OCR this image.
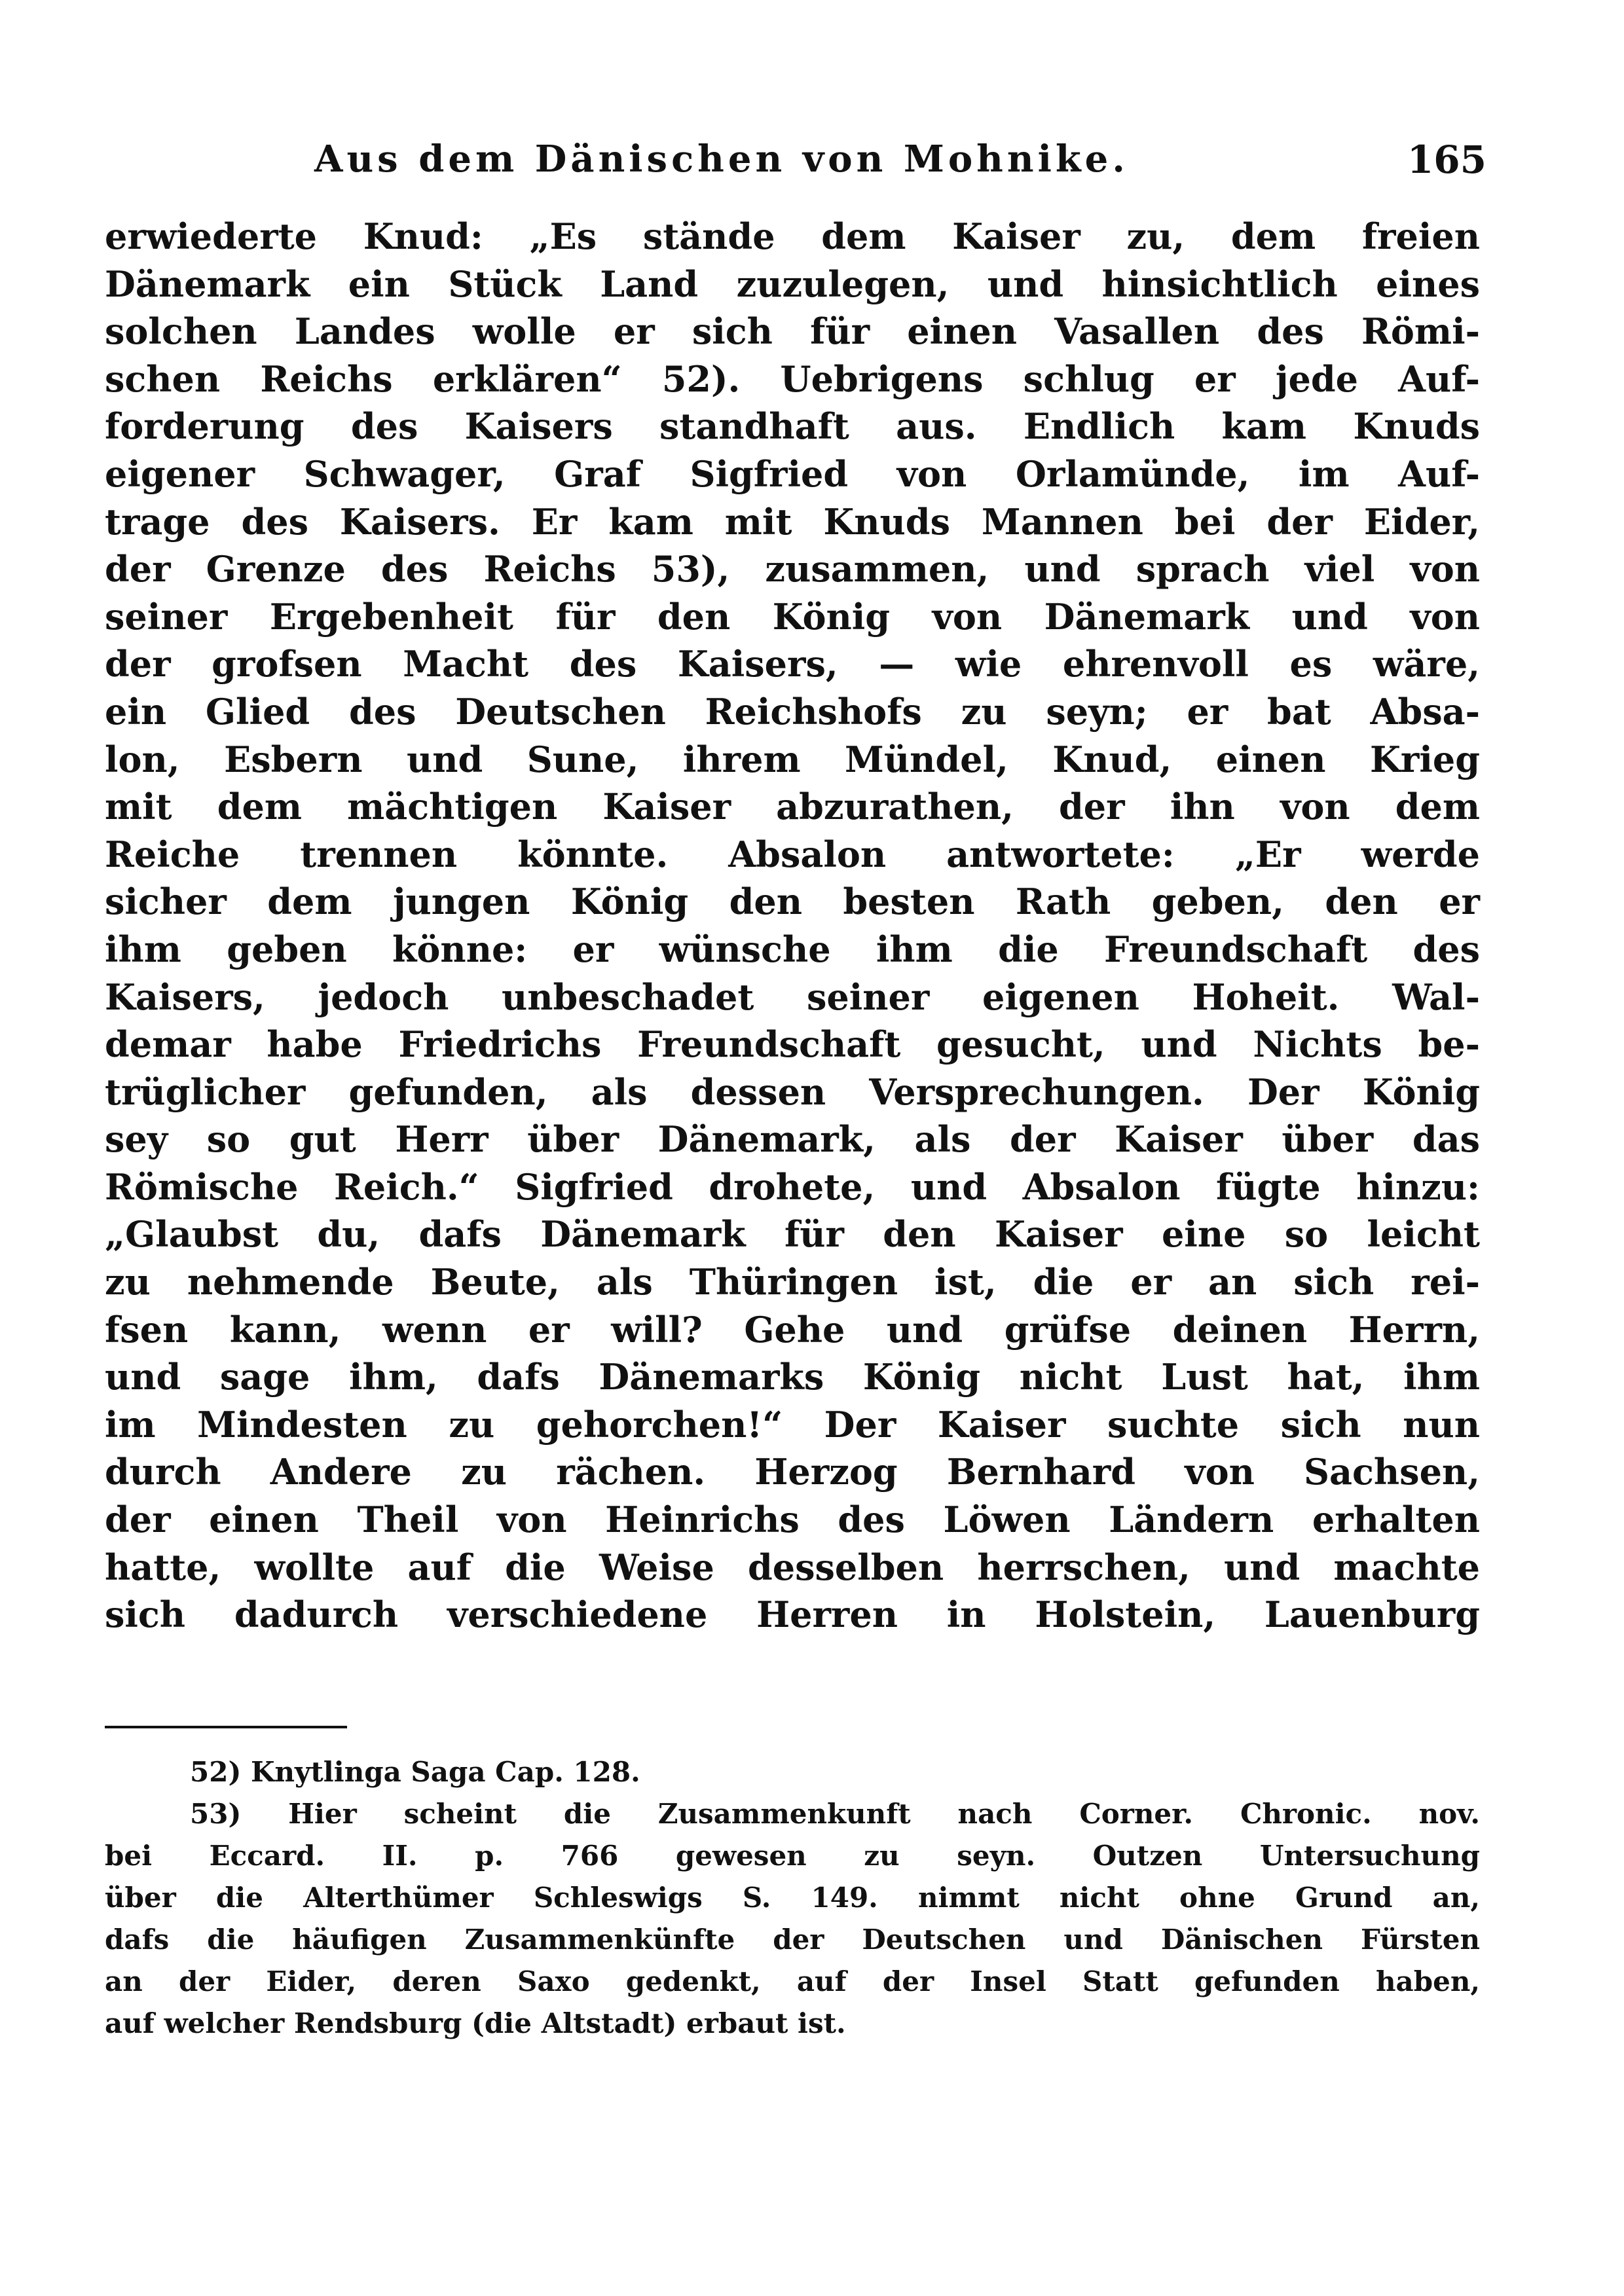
Aus dem Dänischen von Mohnike.	165
erwiederte Knud: „Es stände dem Kaiser zu, dem freien
Dänemark ein Stück Land zuzulegen, und hinsichtlich eines
solchen Landes wolle er sich für einen Vasallen des Römi-
schen Reichs erklären“ 52). Uebrigens schlug er jede Auf-
forderung des Kaisers standhaft aus. Endlich kam Knuds
eigener Schwager, Graf Sigfried von Orlamünde, im Auf-
trage des Kaisers. Er kam mit Knuds Mannen bei der Eider,
der Grenze des Reichs 53), zusammen, und sprach viel von
seiner Ergebenheit für den König von Dänemark und von
der grofsen Macht des Kaisers, — wie ehrenvoll es wäre,
ein Glied des Deutschen Reichshofs zu seyn; er bat Absa-
lon, Esbern und Sune, ihrem Mündel, Knud, einen Krieg
mit dem mächtigen Kaiser abzurathen, der ihn von dem
Reiche trennen könnte. Absalon antwortete: „Er werde
sicher dem jungen König den besten Rath geben, den er
ihm geben könne: er wünsche ihm die Freundschaft des
Kaisers, jedoch unbeschadet seiner eigenen Hoheit. Wal-
demar habe Friedrichs Freundschaft gesucht, und Nichts be-
trüglicher gefunden, als dessen Versprechungen. Der König
sey so gut Herr über Dänemark, als der Kaiser über das
Römische Reich.“ Sigfried drohete, und Absalon fügte hinzu:
„Glaubst du, dafs Dänemark für den Kaiser eine so leicht
zu nehmende Beute, als Thüringen ist, die er an sich rei-
fsen kann, wenn er will? Gehe und grüfse deinen Herrn,
und sage ihm, dafs Dänemarks König nicht Lust hat, ihm
im Mindesten zu gehorchen!“ Der Kaiser suchte sich nun
durch Andere zu rächen. Herzog Bernhard von Sachsen,
der einen Theil von Heinrichs des Löwen Ländern erhalten
hatte, wollte auf die Weise desselben herrschen, und machte
sich dadurch verschiedene Herren in Holstein, Lauenburg
52) Knytlinga Saga Cap. 128.
53) Hier scheint die Zusammenkunft nach Corner. Chronic. nov.
bei Eccard. II. p. 766 gewesen zu seyn. Outzen Untersuchung
über die Alterthümer Schleswigs S. 149. nimmt nicht ohne Grund an,
dafs die häufigen Zusammenkünfte der Deutschen und Dänischen Fürsten
an der Eider, deren Saxo gedenkt, auf der Insel Statt gefunden haben,
auf welcher Rendsburg (die Altstadt) erbaut ist.
